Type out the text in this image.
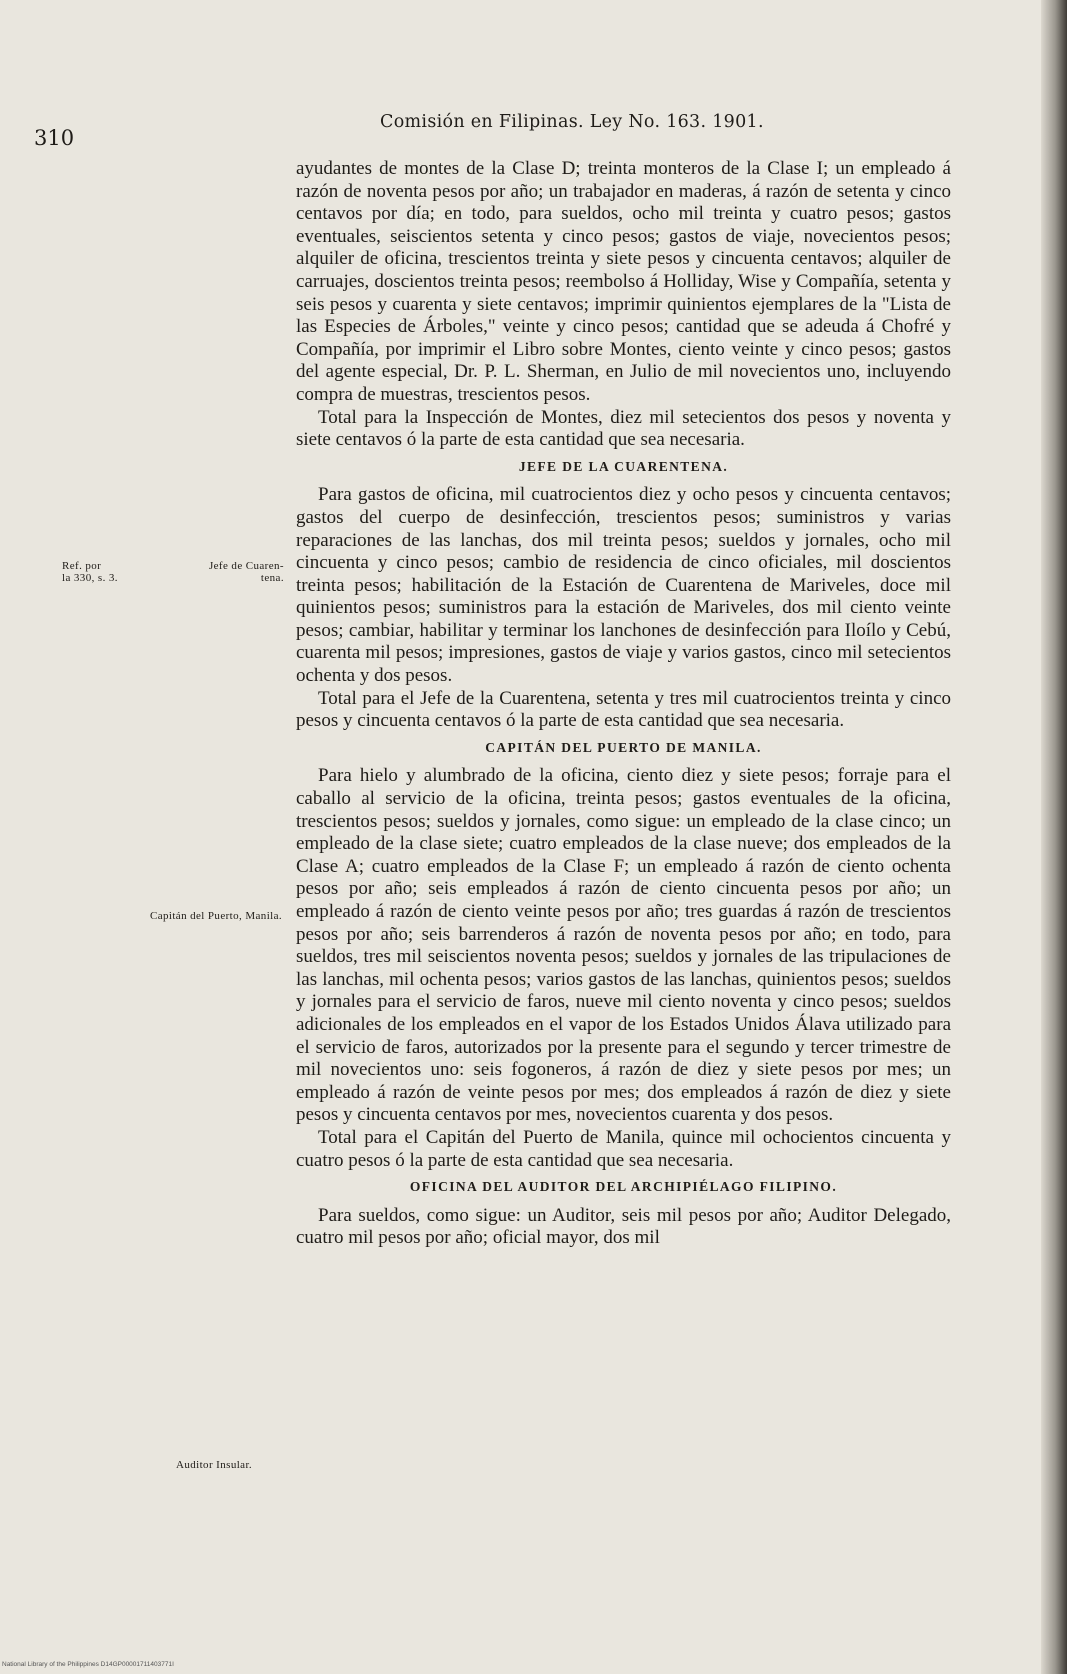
310
Comisión en Filipinas. Ley No. 163. 1901.
Ref. por	Jefe de Cuaren-
la 330, s. 3.	tena.
Capitán del Puerto, Manila.
Auditor Insular.

ayudantes de montes de la Clase D; treinta monteros de la Clase I; un empleado á razón de noventa pesos por año; un trabajador en maderas, á razón de setenta y cinco centavos por día; en todo, para sueldos, ocho mil treinta y cuatro pesos; gastos eventuales, seiscientos setenta y cinco pesos; gastos de viaje, novecientos pesos; alquiler de oficina, trescientos treinta y siete pesos y cincuenta centavos; alquiler de carruajes, doscientos treinta pesos; reembolso á Holliday, Wise y Compañía, setenta y seis pesos y cuarenta y siete centavos; imprimir quinientos ejemplares de la "Lista de las Especies de Árboles," veinte y cinco pesos; cantidad que se adeuda á Chofré y Compañía, por imprimir el Libro sobre Montes, ciento veinte y cinco pesos; gastos del agente especial, Dr. P. L. Sherman, en Julio de mil novecientos uno, incluyendo compra de muestras, trescientos pesos.

Total para la Inspección de Montes, diez mil setecientos dos pesos y noventa y siete centavos ó la parte de esta cantidad que sea necesaria.

JEFE DE LA CUARENTENA.

Para gastos de oficina, mil cuatrocientos diez y ocho pesos y cincuenta centavos; gastos del cuerpo de desinfección, trescientos pesos; suministros y varias reparaciones de las lanchas, dos mil treinta pesos; sueldos y jornales, ocho mil cincuenta y cinco pesos; cambio de residencia de cinco oficiales, mil doscientos treinta pesos; habilitación de la Estación de Cuarentena de Mariveles, doce mil quinientos pesos; suministros para la estación de Mariveles, dos mil ciento veinte pesos; cambiar, habilitar y terminar los lanchones de desinfección para Iloílo y Cebú, cuarenta mil pesos; impresiones, gastos de viaje y varios gastos, cinco mil setecientos ochenta y dos pesos.

Total para el Jefe de la Cuarentena, setenta y tres mil cuatrocientos treinta y cinco pesos y cincuenta centavos ó la parte de esta cantidad que sea necesaria.

CAPITÁN DEL PUERTO DE MANILA.

Para hielo y alumbrado de la oficina, ciento diez y siete pesos; forraje para el caballo al servicio de la oficina, treinta pesos; gastos eventuales de la oficina, trescientos pesos; sueldos y jornales, como sigue: un empleado de la clase cinco; un empleado de la clase siete; cuatro empleados de la clase nueve; dos empleados de la Clase A; cuatro empleados de la Clase F; un empleado á razón de ciento ochenta pesos por año; seis empleados á razón de ciento cincuenta pesos por año; un empleado á razón de ciento veinte pesos por año; tres guardas á razón de trescientos pesos por año; seis barrenderos á razón de noventa pesos por año; en todo, para sueldos, tres mil seiscientos noventa pesos; sueldos y jornales de las tripulaciones de las lanchas, mil ochenta pesos; varios gastos de las lanchas, quinientos pesos; sueldos y jornales para el servicio de faros, nueve mil ciento noventa y cinco pesos; sueldos adicionales de los empleados en el vapor de los Estados Unidos Álava utilizado para el servicio de faros, autorizados por la presente para el segundo y tercer trimestre de mil novecientos uno: seis fogoneros, á razón de diez y siete pesos por mes; un empleado á razón de veinte pesos por mes; dos empleados á razón de diez y siete pesos y cincuenta centavos por mes, novecientos cuarenta y dos pesos.

Total para el Capitán del Puerto de Manila, quince mil ochocientos cincuenta y cuatro pesos ó la parte de esta cantidad que sea necesaria.

OFICINA DEL AUDITOR DEL ARCHIPIÉLAGO FILIPINO.

Para sueldos, como sigue: un Auditor, seis mil pesos por año; Auditor Delegado, cuatro mil pesos por año; oficial mayor, dos mil

National Library of the Philippines D14GP00001711403771I
